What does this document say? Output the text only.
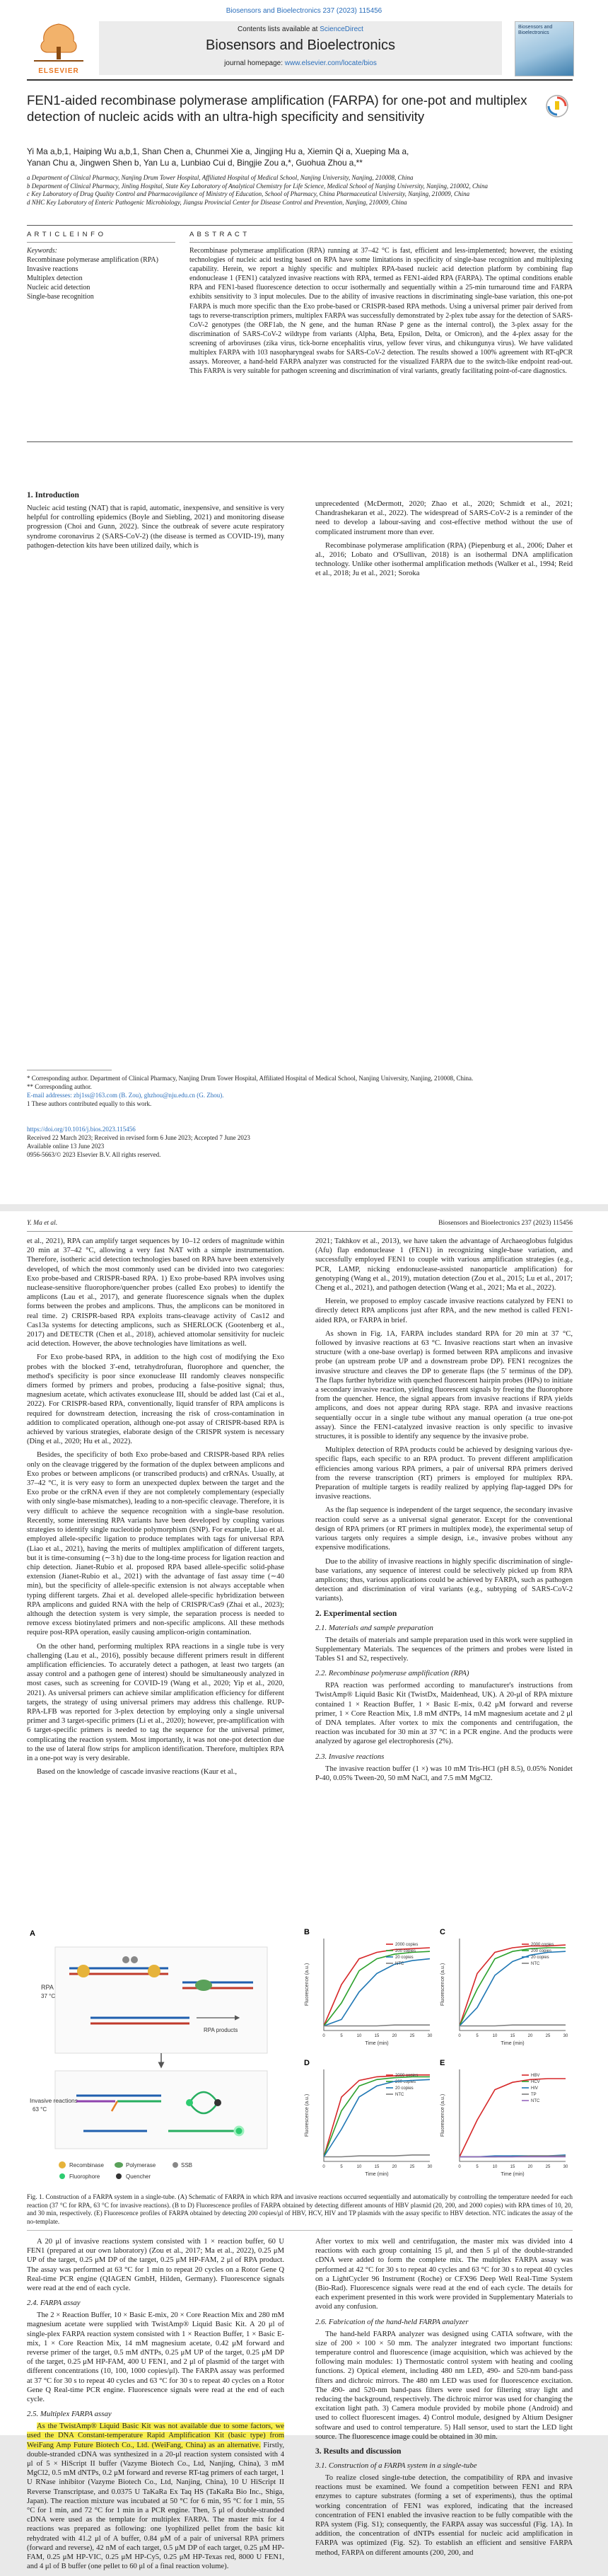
Biosensors and Bioelectronics 237 (2023) 115456
ELSEVIER
Contents lists available at ScienceDirect
Biosensors and Bioelectronics
journal homepage: www.elsevier.com/locate/bios
Biosensors and Bioelectronics
FEN1-aided recombinase polymerase amplification (FARPA) for one-pot and multiplex detection of nucleic acids with an ultra-high specificity and sensitivity
Yi Ma a,b,1, Haiping Wu a,b,1, Shan Chen a, Chunmei Xie a, Jingjing Hu a, Xiemin Qi a, Xueping Ma a,
Yanan Chu a, Jingwen Shen b, Yan Lu a, Lunbiao Cui d, Bingjie Zou a,*, Guohua Zhou a,**
a Department of Clinical Pharmacy, Nanjing Drum Tower Hospital, Affiliated Hospital of Medical School, Nanjing University, Nanjing, 210008, China
b Department of Clinical Pharmacy, Jinling Hospital, State Key Laboratory of Analytical Chemistry for Life Science, Medical School of Nanjing University, Nanjing, 210002, China
c Key Laboratory of Drug Quality Control and Pharmacovigilance of Ministry of Education, School of Pharmacy, China Pharmaceutical University, Nanjing, 210009, China
d NHC Key Laboratory of Enteric Pathogenic Microbiology, Jiangsu Provincial Center for Disease Control and Prevention, Nanjing, 210009, China
A R T I C L E I N F O
Keywords:
Recombinase polymerase amplification (RPA)
Invasive reactions
Multiplex detection
Nucleic acid detection
Single-base recognition
A B S T R A C T
Recombinase polymerase amplification (RPA) running at 37–42 °C is fast, efficient and less-implemented; however, the existing technologies of nucleic acid testing based on RPA have some limitations in specificity of single-base recognition and multiplexing capability. Herein, we report a highly specific and multiplex RPA-based nucleic acid detection platform by combining flap endonuclease 1 (FEN1) catalyzed invasive reactions with RPA, termed as FEN1-aided RPA (FARPA). The optimal conditions enable RPA and FEN1-based fluorescence detection to occur isothermally and sequentially within a 25-min turnaround time and FARPA exhibits sensitivity to 3 input molecules. Due to the ability of invasive reactions in discriminating single-base variation, this one-pot FARPA is much more specific than the Exo probe-based or CRISPR-based RPA methods. Using a universal primer pair derived from tags to reverse-transcription primers, multiplex FARPA was successfully demonstrated by 2-plex tube assay for the detection of SARS-CoV-2 genotypes (the ORF1ab, the N gene, and the human RNase P gene as the internal control), the 3-plex assay for the discrimination of SARS-CoV-2 wildtype from variants (Alpha, Beta, Epsilon, Delta, or Omicron), and the 4-plex assay for the screening of arboviruses (zika virus, tick-borne encephalitis virus, yellow fever virus, and chikungunya virus). We have validated multiplex FARPA with 103 nasopharyngeal swabs for SARS-CoV-2 detection. The results showed a 100% agreement with RT-qPCR assays. Moreover, a hand-held FARPA analyzer was constructed for the visualized FARPA due to the switch-like endpoint read-out. This FARPA is very suitable for pathogen screening and discrimination of viral variants, greatly facilitating point-of-care diagnostics.
1. Introduction

Nucleic acid testing (NAT) that is rapid, automatic, inexpensive, and sensitive is very helpful for controlling epidemics (Boyle and Siebling, 2021) and monitoring disease progression (Choi and Gunn, 2022). Since the outbreak of severe acute respiratory syndrome coronavirus 2 (SARS-CoV-2) (the disease is termed as COVID-19), many pathogen-detection kits have been utilized daily, which is

unprecedented (McDermott, 2020; Zhao et al., 2020; Schmidt et al., 2021; Chandrashekaran et al., 2022). The widespread of SARS-CoV-2 is a reminder of the need to develop a labour-saving and cost-effective method without the use of complicated instrument more than ever.

Recombinase polymerase amplification (RPA) (Piepenburg et al., 2006; Daher et al., 2016; Lobato and O'Sullivan, 2018) is an isothermal DNA amplification technology. Unlike other isothermal amplification methods (Walker et al., 1994; Reid et al., 2018; Ju et al., 2021; Soroka

* Corresponding author. Department of Clinical Pharmacy, Nanjing Drum Tower Hospital, Affiliated Hospital of Medical School, Nanjing University, Nanjing, 210008, China.
** Corresponding author.
E-mail addresses: zbj1ss@163.com (B. Zou), ghzhou@nju.edu.cn (G. Zhou).
1 These authors contributed equally to this work.
https://doi.org/10.1016/j.bios.2023.115456
Received 22 March 2023; Received in revised form 6 June 2023; Accepted 7 June 2023
Available online 13 June 2023
0956-5663/© 2023 Elsevier B.V. All rights reserved.
Y. Ma et al.	Biosensors and Bioelectronics 237 (2023) 115456

et al., 2021), RPA can amplify target sequences by 10–12 orders of magnitude within 20 min at 37–42 °C, allowing a very fast NAT with a simple instrumentation. Therefore, isotheric acid detection technologies based on RPA have been extensively developed, of which the most commonly used can be divided into two categories: Exo probe-based and CRISPR-based RPA. 1) Exo probe-based RPA involves using nuclease-sensitive fluorophore/quencher probes (called Exo probes) to identify the amplicons (Lau et al., 2017), and generate fluorescence signals when the duplex forms between the probes and amplicons. Thus, the amplicons can be monitored in real time. 2) CRISPR-based RPA exploits trans-cleavage activity of Cas12 and Cas13a systems for detecting amplicons, such as SHERLOCK (Gootenberg et al., 2017) and DETECTR (Chen et al., 2018), achieved attomolar sensitivity for nucleic acid detection. However, the above technologies have limitations as well.

For Exo probe-based RPA, in addition to the high cost of modifying the Exo probes with the blocked 3′-end, tetrahydrofuran, fluorophore and quencher, the method's specificity is poor since exonuclease III randomly cleaves nonspecific dimers formed by primers and probes, producing a false-positive signal; thus, magnesium acetate, which activates exonuclease III, should be added last (Cai et al., 2022). For CRISPR-based RPA, conventionally, liquid transfer of RPA amplicons is required for downstream detection, increasing the risk of cross-contamination in addition to complicated operation, although one-pot assay of CRISPR-based RPA is achieved by various strategies, elaborate design of the CRISPR system is necessary (Ding et al., 2020; Hu et al., 2022).

Besides, the specificity of both Exo probe-based and CRISPR-based RPA relies only on the cleavage triggered by the formation of the duplex between amplicons and Exo probes or between amplicons (or transcribed products) and crRNAs. Usually, at 37–42 °C, it is very easy to form an unexpected duplex between the target and the Exo probe or the crRNA even if they are not completely complementary (especially with only single-base mismatches), leading to a non-specific cleavage. Therefore, it is very difficult to achieve the sequence recognition with a single-base resolution. Recently, some interesting RPA variants have been developed by coupling various strategies to identify single nucleotide polymorphism (SNP). For example, Liao et al. employed allele-specific ligation to produce templates with tags for universal RPA (Liao et al., 2021), having the merits of multiplex amplification of different targets, but it is time-consuming (∼3 h) due to the long-time process for ligation reaction and chip detection. Jianet-Rubio et al. proposed RPA based allele-specific solid-phase extension (Jianet-Rubio et al., 2021) with the advantage of fast assay time (∼40 min), but the specificity of allele-specific extension is not always acceptable when typing different targets. Zhai et al. developed allele-specific hybridization between RPA amplicons and guided RNA with the help of CRISPR/Cas9 (Zhai et al., 2023); although the detection system is very simple, the separation process is needed to remove excess biotinylated primers and non-specific amplicons. All these methods require post-RPA operation, easily causing amplicon-origin contamination.

On the other hand, performing multiplex RPA reactions in a single tube is very challenging (Lau et al., 2016), possibly because different primers result in different amplification efficiencies. To accurately detect a pathogen, at least two targets (an assay control and a pathogen gene of interest) should be simultaneously analyzed in most cases, such as screening for COVID-19 (Wang et al., 2020; Yip et al., 2020, 2021). As universal primers can achieve similar amplification efficiency for different targets, the strategy of using universal primers may address this challenge. RUP-RPA-LFB was reported for 3-plex detection by employing only a single universal primer and 3 target-specific primers (Li et al., 2020); however, pre-amplification with 6 target-specific primers is needed to tag the sequence for the universal primer, complicating the reaction system. Most importantly, it was not one-pot detection due to the use of lateral flow strips for amplicon identification. Therefore, multiplex RPA in a one-pot way is very desirable.

Based on the knowledge of cascade invasive reactions (Kaur et al.,

2021; Takhkov et al., 2013), we have taken the advantage of Archaeoglobus fulgidus (Afu) flap endonuclease 1 (FEN1) in recognizing single-base variation, and successfully employed FEN1 to couple with various amplification strategies (e.g., PCR, LAMP, nicking endonuclease-assisted nanoparticle amplification) for genotyping (Wang et al., 2019), mutation detection (Zou et al., 2015; Lu et al., 2017; Cheng et al., 2021), and pathogen detection (Wang et al., 2021; Ma et al., 2022).

Herein, we proposed to employ cascade invasive reactions catalyzed by FEN1 to directly detect RPA amplicons just after RPA, and the new method is called FEN1-aided RPA, or FARPA in brief.

As shown in Fig. 1A, FARPA includes standard RPA for 20 min at 37 °C, followed by invasive reactions at 63 °C. Invasive reactions start when an invasive structure (with a one-base overlap) is formed between RPA amplicons and invasive probe (an upstream probe UP and a downstream probe DP). FEN1 recognizes the invasive structure and cleaves the DP to generate flaps (the 5′ terminus of the DP). The flaps further hybridize with quenched fluorescent hairpin probes (HPs) to initiate a secondary invasive reaction, yielding fluorescent signals by freeing the fluorophore from the quencher. Hence, the signal appears from invasive reactions if RPA yields amplicons, and does not appear during RPA stage. RPA and invasive reactions sequentially occur in a single tube without any manual operation (a true one-pot assay). Since the FEN1-catalyzed invasive reaction is only specific to invasive structures, it is possible to identify any sequence by the invasive probe.

Multiplex detection of RPA products could be achieved by designing various dye-specific flaps, each specific to an RPA product. To prevent different amplification efficiencies among various RPA primers, a pair of universal RPA primers derived from the reverse transcription (RT) primers is employed for multiplex RPA. Preparation of multiple targets is readily realized by applying flap-tagged DPs for invasive reactions.

As the flap sequence is independent of the target sequence, the secondary invasive reaction could serve as a universal signal generator. Except for the conventional design of RPA primers (or RT primers in multiplex mode), the experimental setup of various targets only requires a simple design, i.e., invasive probes without any expensive modifications.

Due to the ability of invasive reactions in highly specific discrimination of single-base variations, any sequence of interest could be selectively picked up from RPA amplicons; thus, various applications could be achieved by FARPA, such as pathogen detection and discrimination of viral variants (e.g., subtyping of SARS-CoV-2 variants).

2. Experimental section
2.1. Materials and sample preparation

The details of materials and sample preparation used in this work were supplied in Supplementary Materials. The sequences of the primers and probes were listed in Tables S1 and S2, respectively.

2.2. Recombinase polymerase amplification (RPA)

RPA reaction was performed according to manufacturer's instructions from TwistAmp® Liquid Basic Kit (TwistDx, Maidenhead, UK). A 20-μl of RPA mixture contained 1 × Reaction Buffer, 1 × Basic E-mix, 0.42 μM forward and reverse primer, 1 × Core Reaction Mix, 1.8 mM dNTPs, 14 mM magnesium acetate and 2 μl of DNA templates. After vortex to mix the components and centrifugation, the reaction was incubated for 30 min at 37 °C in a PCR engine. And the products were analyzed by agarose gel electrophoresis (2%).

2.3. Invasive reactions

The invasive reaction buffer (1 ×) was 10 mM Tris-HCl (pH 8.5), 0.05% Nonidet P-40, 0.05% Tween-20, 50 mM NaCl, and 7.5 mM MgCl2.

A
RPA
37 °C
RPA products
Invasive reactions
63 °C
Recombinase	Polymerase	SSB
Fluorophore	Quencher
B
0	5	10	15	20	25	30
Time (min)
Fluorescence (a.u.)
2000 copies
200 copies
20 copies
NTC
C
0	5	10	15	20	25	30
Time (min)
Fluorescence (a.u.)
2000 copies
200 copies
20 copies
NTC
D
0	5	10	15	20	25	30
Time (min)
Fluorescence (a.u.)
2000 copies
200 copies
20 copies
NTC
E
0	5	10	15	20	25	30
Time (min)
Fluorescence (a.u.)
HBV
HCV
HIV
TP
NTC
Fig. 1. Construction of a FARPA system in a single-tube. (A) Schematic of FARPA in which RPA and invasive reactions occurred sequentially and automatically by controlling the temperature needed for each reaction (37 °C for RPA, 63 °C for invasive reactions). (B to D) Fluorescence profiles of FARPA obtained by detecting different amounts of HBV plasmid (20, 200, and 2000 copies) with RPA times of 10, 20, and 30 min, respectively. (E) Fluorescence profiles of FARPA obtained by detecting 200 copies/μl of HBV, HCV, HIV and TP plasmids with the assay specific to HBV detection. NTC indicates the assay of the no-template.

A 20 μl of invasive reactions system consisted with 1 × reaction buffer, 60 U FEN1 (prepared at our own laboratory) (Zou et al., 2017; Ma et al., 2022), 0.25 μM UP of the target, 0.25 μM DP of the target, 0.25 μM HP-FAM, 2 μl of RPA product. The assay was performed at 63 °C for 1 min to repeat 20 cycles on a Rotor Gene Q Real-time PCR engine (QIAGEN GmbH, Hilden, Germany). Fluorescence signals were read at the end of each cycle.

2.4. FARPA assay

The 2 × Reaction Buffer, 10 × Basic E-mix, 20 × Core Reaction Mix and 280 mM magnesium acetate were supplied with TwistAmp® Liquid Basic Kit. A 20 μl of single-plex FARPA reaction system consisted with 1 × Reaction Buffer, 1 × Basic E-mix, 1 × Core Reaction Mix, 14 mM magnesium acetate, 0.42 μM forward and reverse primer of the target, 0.5 mM dNTPs, 0.25 μM UP of the target, 0.25 μM DP of the target, 0.25 μM HP-FAM, 400 U FEN1, and 2 μl of plasmid of the target with different concentrations (10, 100, 1000 copies/μl). The FARPA assay was performed at 37 °C for 30 s to repeat 40 cycles and 63 °C for 30 s to repeat 40 cycles on a Rotor Gene Q Real-time PCR engine. Fluorescence signals were read at the end of each cycle.

2.5. Multiplex FARPA assay

As the TwistAmp® Liquid Basic Kit was not available due to some factors, we used the DNA Constant-temperature Rapid Amplification Kit (basic type) from WeiFang Amp Future Biotech Co., Ltd. (WeiFang, China) as an alternative. Firstly, double-stranded cDNA was synthesized in a 20-μl reaction system consisted with 4 μl of 5 × HiScript II buffer (Vazyme Biotech Co., Ltd, Nanjing, China), 3 mM MgCl2, 0.5 mM dNTPs, 0.2 μM forward and reverse RT-tag primers of each target, 1 U RNase inhibitor (Vazyme Biotech Co., Ltd, Nanjing, China), 10 U HiScript II Reverse Transcriptase, and 0.0375 U TaKaRa Ex Taq HS (TaKaRa Bio Inc., Shiga, Japan). The reaction mixture was incubated at 50 °C for 6 min, 95 °C for 1 min, 55 °C for 1 min, and 72 °C for 1 min in a PCR engine. Then, 5 μl of double-stranded cDNA were used as the template for multiplex FARPA. The master mix for 4 reactions was prepared as following: one lyophilized pellet from the basic kit rehydrated with 41.2 μl of A buffer, 0.84 μM of a pair of universal RPA primers (forward and reverse), 42 nM of each target, 0.5 μM DP of each target, 0.25 μM HP-FAM, 0.25 μM HP-VIC, 0.25 μM HP-Cy5, 0.25 μM HP-Texas red, 8000 U FEN1, and 4 μl of B buffer (one pellet to 60 μl of a final reaction volume).

After vortex to mix well and centrifugation, the master mix was divided into 4 reactions with each group containing 15 μl, and then 5 μl of the double-stranded cDNA were added to form the complete mix. The multiplex FARPA assay was performed at 42 °C for 30 s to repeat 40 cycles and 63 °C for 30 s to repeat 40 cycles on a LightCycler 96 Instrument (Roche) or CFX96 Deep Well Real-Time System (Bio-Rad). Fluorescence signals were read at the end of each cycle. The details for each experiment presented in this work were provided in Supplementary Materials to avoid any confusion.

2.6. Fabrication of the hand-held FARPA analyzer

The hand-held FARPA analyzer was designed using CATIA software, with the size of 200 × 100 × 50 mm. The analyzer integrated two important functions: temperature control and fluorescence (image acquisition, which was achieved by the following main modules: 1) Thermostatic control system with heating and cooling functions. 2) Optical element, including 480 nm LED, 490- and 520-nm band-pass filters and dichroic mirrors. The 480 nm LED was used for fluorescence excitation. The 490- and 520-nm band-pass filters were used for filtering stray light and reducing the background, respectively. The dichroic mirror was used for changing the excitation light path. 3) Camera module provided by mobile phone (Android) and used to collect fluorescent images. 4) Control module, designed by Altium Designer software and used to control temperature. 5) Hall sensor, used to start the LED light source. The fluorescence image could be obtained in 30 min.

3. Results and discussion
3.1. Construction of a FARPA system in a single-tube

To realize closed single-tube detection, the compatibility of RPA and invasive reactions must be examined. We found a competition between FEN1 and RPA enzymes to capture substrates (forming a set of experiments), thus the optimal working concentration of FEN1 was explored, indicating that the increased concentration of FEN1 enabled the invasive reaction to be fully compatible with the RPA system (Fig. S1); consequently, the FARPA assay was successful (Fig. 1A). In addition, the concentration of dNTPs essential for nucleic acid amplification in FARPA was optimized (Fig. S2). To establish an efficient and sensitive FARPA method, FARPA on different amounts (200, 200, and
